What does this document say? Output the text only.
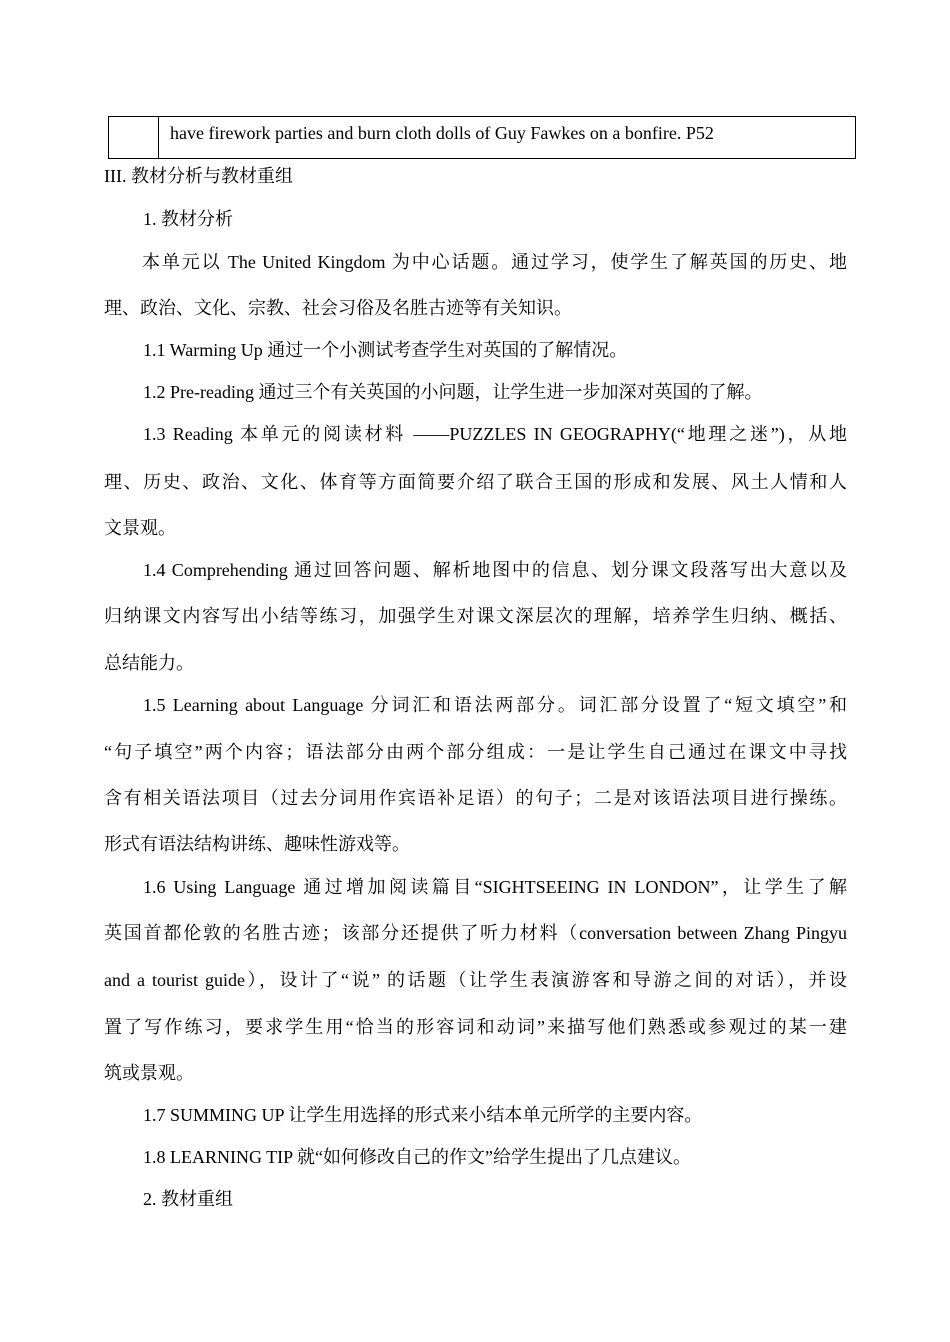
have firework parties and burn cloth dolls of Guy Fawkes on a bonfire. P52
III. 教材分析与教材重组
1. 教材分析
本单元以 The United Kingdom 为中心话题。通过学习，使学生了解英国的历史、地
理、政治、文化、宗教、社会习俗及名胜古迹等有关知识。
1.1 Warming Up 通过一个小测试考查学生对英国的了解情况。
1.2 Pre-reading 通过三个有关英国的小问题，让学生进一步加深对英国的了解。
1.3 Reading 本单元的阅读材料 ——PUZZLES IN GEOGRAPHY(“地理之迷”)，从地
理、历史、政治、文化、体育等方面简要介绍了联合王国的形成和发展、风土人情和人
文景观。
1.4 Comprehending 通过回答问题、解析地图中的信息、划分课文段落写出大意以及
归纳课文内容写出小结等练习，加强学生对课文深层次的理解，培养学生归纳、概括、
总结能力。
1.5 Learning about Language 分词汇和语法两部分。词汇部分设置了“短文填空”和
“句子填空”两个内容；语法部分由两个部分组成：一是让学生自己通过在课文中寻找
含有相关语法项目（过去分词用作宾语补足语）的句子；二是对该语法项目进行操练。
形式有语法结构讲练、趣味性游戏等。
1.6 Using Language 通过增加阅读篇目“SIGHTSEEING IN LONDON”，让学生了解
英国首都伦敦的名胜古迹；该部分还提供了听力材料（conversation between Zhang Pingyu
and a tourist guide），设计了“说” 的话题（让学生表演游客和导游之间的对话），并设
置了写作练习，要求学生用“恰当的形容词和动词”来描写他们熟悉或参观过的某一建
筑或景观。
1.7 SUMMING UP 让学生用选择的形式来小结本单元所学的主要内容。
1.8 LEARNING TIP 就“如何修改自己的作文”给学生提出了几点建议。
2. 教材重组
